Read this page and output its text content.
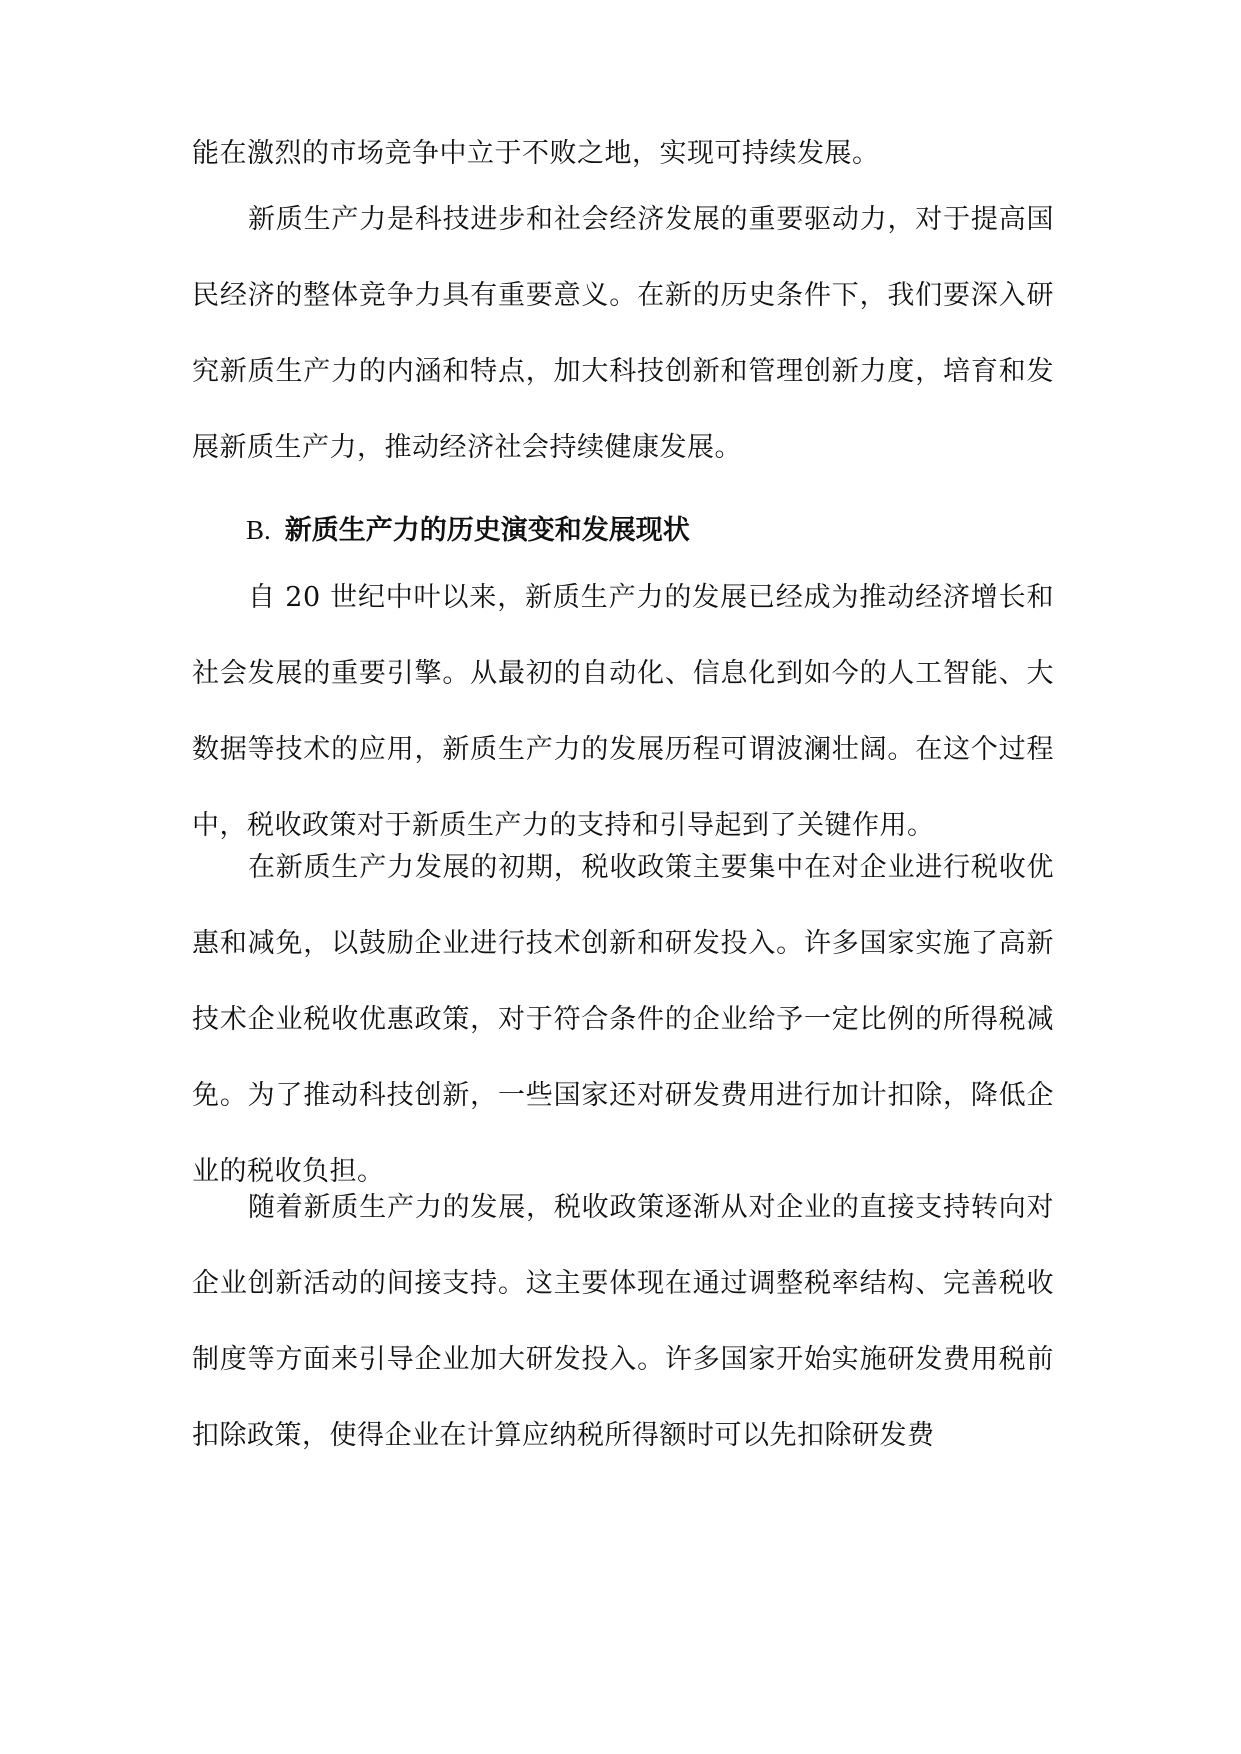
能在激烈的市场竞争中立于不败之地，实现可持续发展。

新质生产力是科技进步和社会经济发展的重要驱动力，对于提高国民经济的整体竞争力具有重要意义。在新的历史条件下，我们要深入研究新质生产力的内涵和特点，加大科技创新和管理创新力度，培育和发展新质生产力，推动经济社会持续健康发展。

B. 新质生产力的历史演变和发展现状

自 20 世纪中叶以来，新质生产力的发展已经成为推动经济增长和社会发展的重要引擎。从最初的自动化、信息化到如今的人工智能、大数据等技术的应用，新质生产力的发展历程可谓波澜壮阔。在这个过程中，税收政策对于新质生产力的支持和引导起到了关键作用。

在新质生产力发展的初期，税收政策主要集中在对企业进行税收优惠和减免，以鼓励企业进行技术创新和研发投入。许多国家实施了高新技术企业税收优惠政策，对于符合条件的企业给予一定比例的所得税减免。为了推动科技创新，一些国家还对研发费用进行加计扣除，降低企业的税收负担。

随着新质生产力的发展，税收政策逐渐从对企业的直接支持转向对企业创新活动的间接支持。这主要体现在通过调整税率结构、完善税收制度等方面来引导企业加大研发投入。许多国家开始实施研发费用税前扣除政策，使得企业在计算应纳税所得额时可以先扣除研发费
